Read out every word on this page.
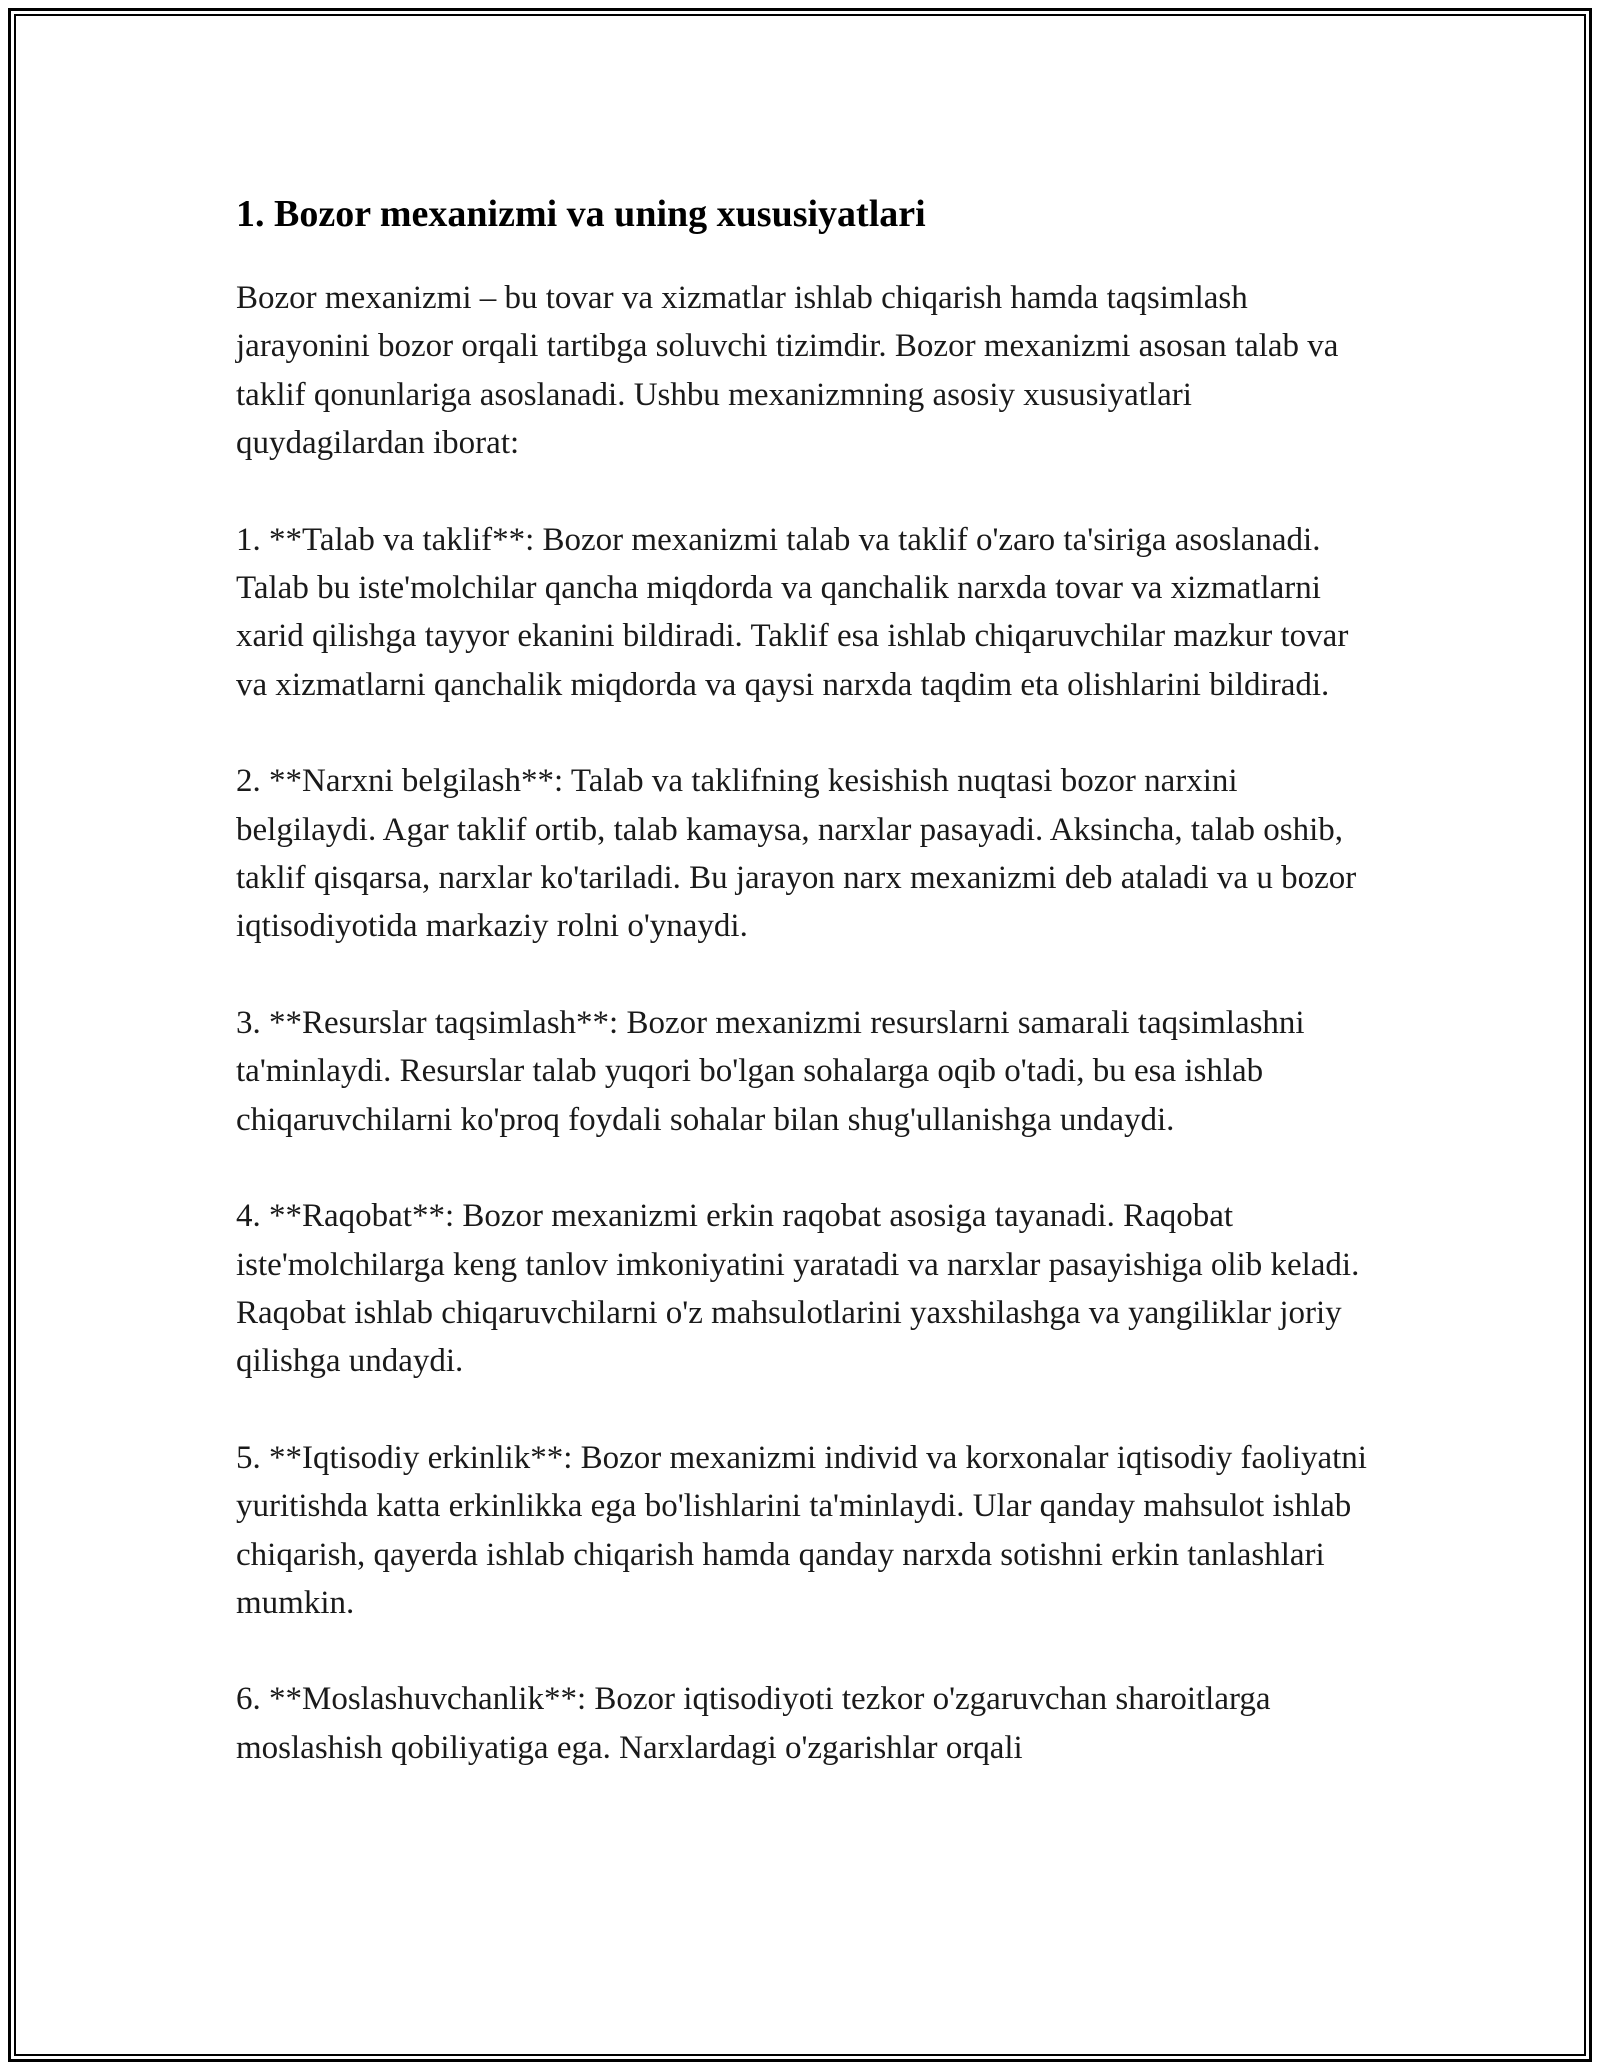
1. Bozor mexanizmi va uning xususiyatlari

Bozor mexanizmi – bu tovar va xizmatlar ishlab chiqarish hamda taqsimlash jarayonini bozor orqali tartibga soluvchi tizimdir. Bozor mexanizmi asosan talab va taklif qonunlariga asoslanadi. Ushbu mexanizmning asosiy xususiyatlari quydagilardan iborat:

1. **Talab va taklif**: Bozor mexanizmi talab va taklif o'zaro ta'siriga asoslanadi. Talab bu iste'molchilar qancha miqdorda va qanchalik narxda tovar va xizmatlarni xarid qilishga tayyor ekanini bildiradi. Taklif esa ishlab chiqaruvchilar mazkur tovar va xizmatlarni qanchalik miqdorda va qaysi narxda taqdim eta olishlarini bildiradi.

2. **Narxni belgilash**: Talab va taklifning kesishish nuqtasi bozor narxini belgilaydi. Agar taklif ortib, talab kamaysa, narxlar pasayadi. Aksincha, talab oshib, taklif qisqarsa, narxlar ko'tariladi. Bu jarayon narx mexanizmi deb ataladi va u bozor iqtisodiyotida markaziy rolni o'ynaydi.

3. **Resurslar taqsimlash**: Bozor mexanizmi resurslarni samarali taqsimlashni ta'minlaydi. Resurslar talab yuqori bo'lgan sohalarga oqib o'tadi, bu esa ishlab chiqaruvchilarni ko'proq foydali sohalar bilan shug'ullanishga undaydi.

4. **Raqobat**: Bozor mexanizmi erkin raqobat asosiga tayanadi. Raqobat iste'molchilarga keng tanlov imkoniyatini yaratadi va narxlar pasayishiga olib keladi. Raqobat ishlab chiqaruvchilarni o'z mahsulotlarini yaxshilashga va yangiliklar joriy qilishga undaydi.

5. **Iqtisodiy erkinlik**: Bozor mexanizmi individ va korxonalar iqtisodiy faoliyatni yuritishda katta erkinlikka ega bo'lishlarini ta'minlaydi. Ular qanday mahsulot ishlab chiqarish, qayerda ishlab chiqarish hamda qanday narxda sotishni erkin tanlashlari mumkin.

6. **Moslashuvchanlik**: Bozor iqtisodiyoti tezkor o'zgaruvchan sharoitlarga moslashish qobiliyatiga ega. Narxlardagi o'zgarishlar orqali
